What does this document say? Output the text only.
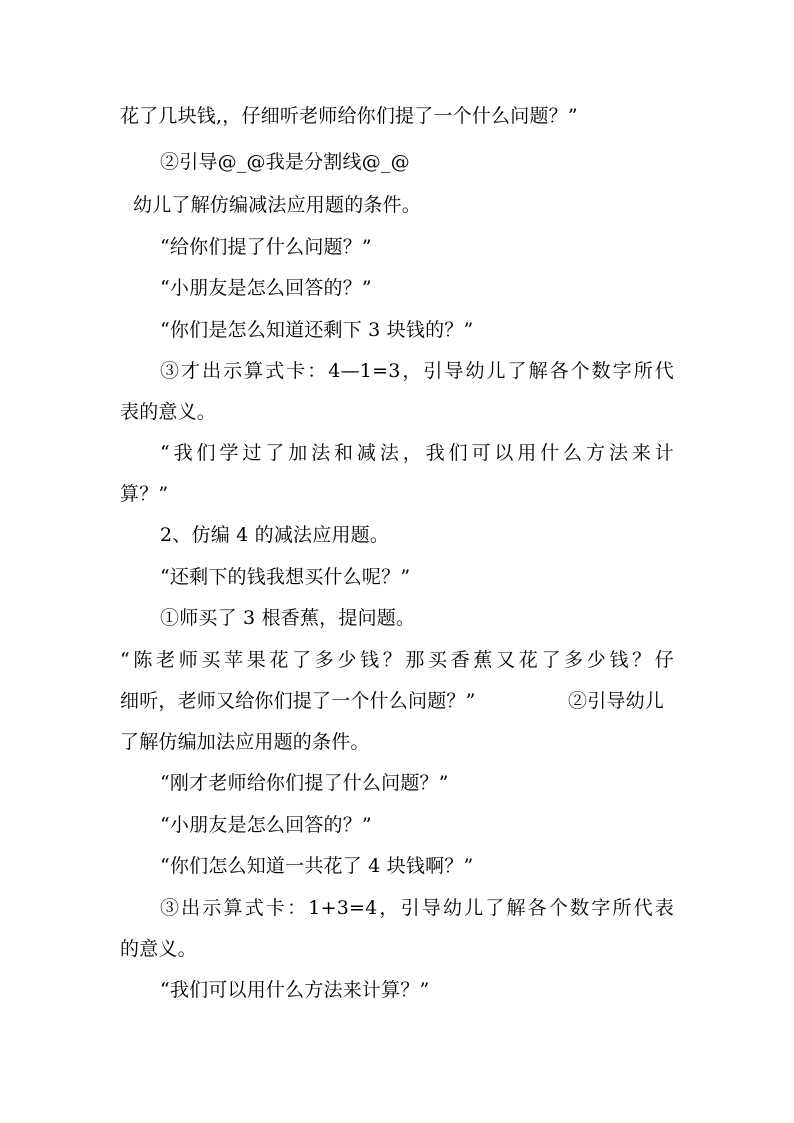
花了几块钱,，仔细听老师给你们提了一个什么问题？”
②引导@_@我是分割线@_@
幼儿了解仿编减法应用题的条件。
“给你们提了什么问题？”
“小朋友是怎么回答的？”
“你们是怎么知道还剩下 3 块钱的？”
③才出示算式卡：4—1=3，引导幼儿了解各个数字所代
表的意义。
“我们学过了加法和减法，我们可以用什么方法来计
算？”
2、仿编 4 的减法应用题。
“还剩下的钱我想买什么呢？”
①师买了 3 根香蕉，提问题。
“陈老师买苹果花了多少钱？那买香蕉又花了多少钱？仔
细听，老师又给你们提了一个什么问题？”	②引导幼儿
了解仿编加法应用题的条件。
“刚才老师给你们提了什么问题？”
“小朋友是怎么回答的？”
“你们怎么知道一共花了 4 块钱啊？”
③出示算式卡：1+3=4，引导幼儿了解各个数字所代表
的意义。
“我们可以用什么方法来计算？”
